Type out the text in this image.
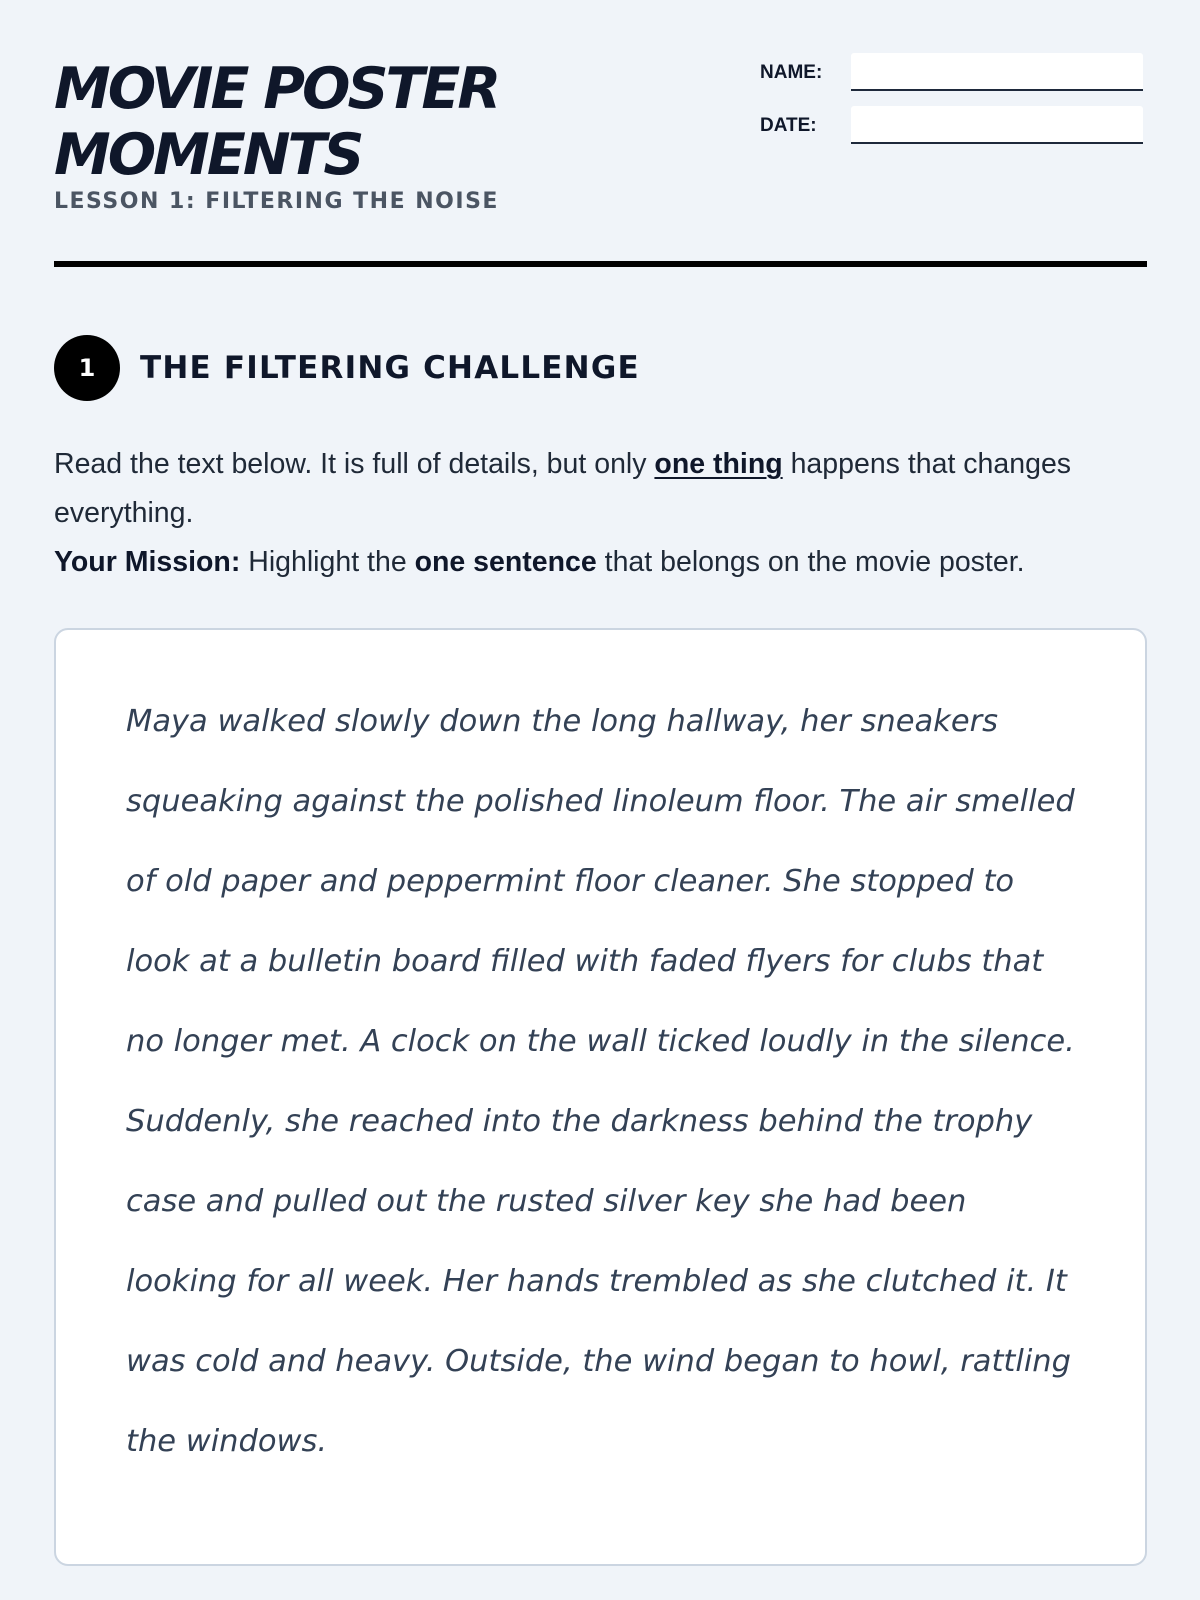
MOVIE POSTER
MOMENTS
LESSON 1: FILTERING THE NOISE
NAME:
DATE:
1	THE FILTERING CHALLENGE

Read the text below. It is full of details, but only one thing happens that changes everything.

Your Mission: Highlight the one sentence that belongs on the movie poster.

Maya walked slowly down the long hallway, her sneakers squeaking against the polished linoleum floor. The air smelled of old paper and peppermint floor cleaner. She stopped to look at a bulletin board filled with faded flyers for clubs that no longer met. A clock on the wall ticked loudly in the silence. Suddenly, she reached into the darkness behind the trophy case and pulled out the rusted silver key she had been looking for all week. Her hands trembled as she clutched it. It was cold and heavy. Outside, the wind began to howl, rattling the windows.
